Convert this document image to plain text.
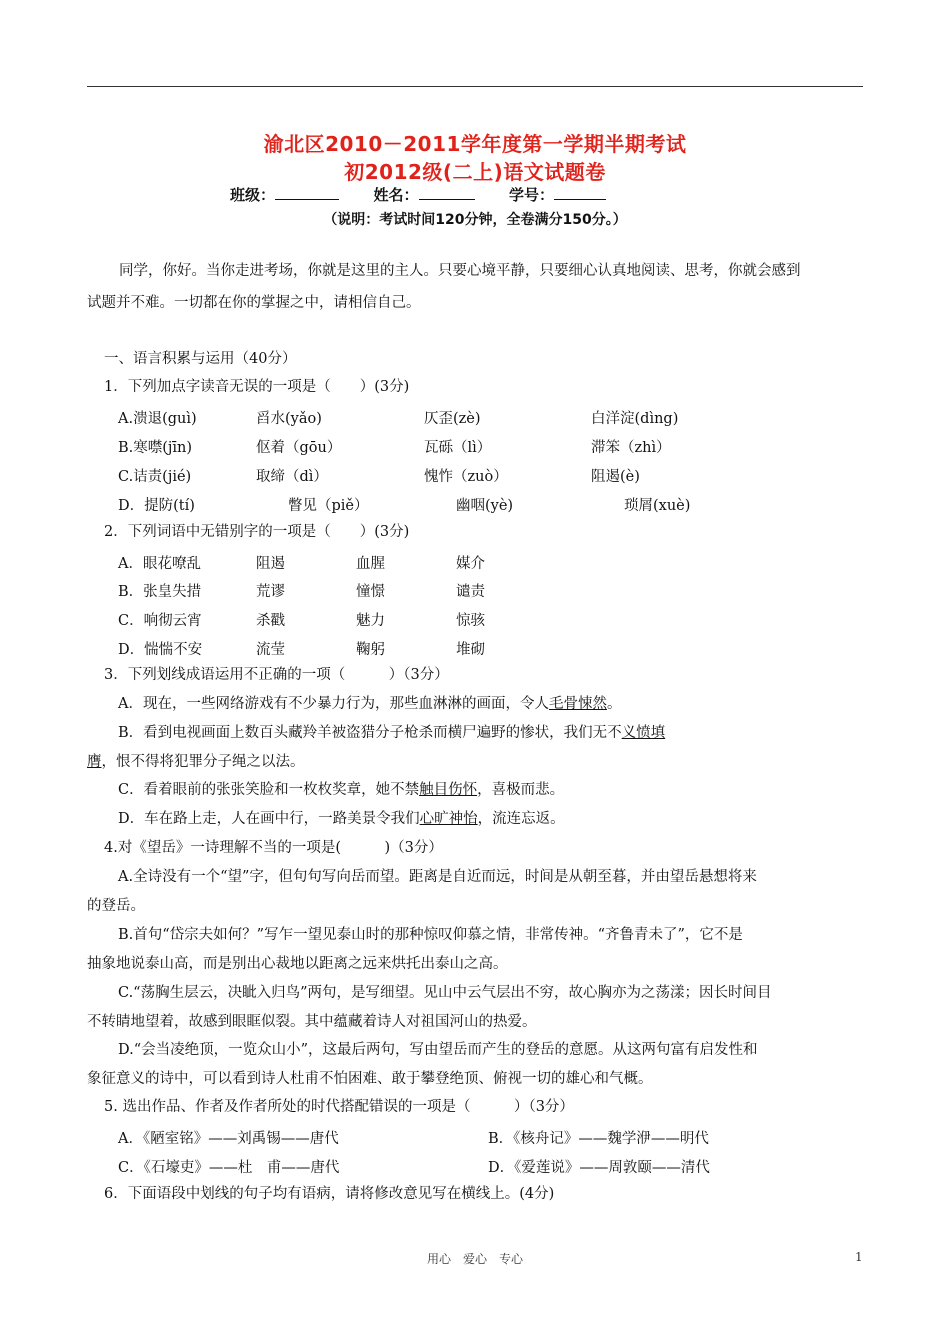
渝北区2010－2011学年度第一学期半期考试
初2012级(二上)语文试题卷
班级：	姓名：	学号：
（说明：考试时间120分钟，全卷满分150分。）
同学，你好。当你走进考场，你就是这里的主人。只要心境平静，只要细心认真地阅读、思考，你就会感到
试题并不难。一切都在你的掌握之中，请相信自己。
一、语言积累与运用（40分）
1．下列加点字读音无误的一项是（　　）(3分)
A.溃退(guì)	舀水(yǎo)	仄歪(zè)	白洋淀(dìng)
B.寒噤(jīn)	伛着（gōu）	瓦砾（lì）	滞笨（zhì）
C.诘责(jié)	取缔（dì）	愧怍（zuò）	阻遏(è)
D．提防(tí)	瞥见（piě）	幽咽(yè)	琐屑(xuè)
2．下列词语中无错别字的一项是（　　）(3分)
A．眼花嘹乱	阻遏	血腥	媒介
B．张皇失措	荒谬	憧憬	谴责
C．响彻云宵	杀戳	魅力	惊骇
D．惴惴不安	流莹	鞠躬	堆砌
3．下列划线成语运用不正确的一项（　　　）（3分）
A．现在，一些网络游戏有不少暴力行为，那些血淋淋的画面，令人毛骨悚然。
B．看到电视画面上数百头藏羚羊被盗猎分子枪杀而横尸遍野的惨状，我们无不义愤填
膺，恨不得将犯罪分子绳之以法。
C．看着眼前的张张笑脸和一枚枚奖章，她不禁触目伤怀，喜极而悲。
D．车在路上走，人在画中行，一路美景令我们心旷神怡，流连忘返。
4.对《望岳》一诗理解不当的一项是(　　　)（3分）
A.全诗没有一个“望”字，但句句写向岳而望。距离是自近而远，时间是从朝至暮，并由望岳悬想将来
的登岳。
B.首句“岱宗夫如何？”写乍一望见泰山时的那种惊叹仰慕之情，非常传神。“齐鲁青未了”，它不是
抽象地说泰山高，而是别出心裁地以距离之远来烘托出泰山之高。
C.“荡胸生层云，决眦入归鸟”两句，是写细望。见山中云气层出不穷，故心胸亦为之荡漾；因长时间目
不转睛地望着，故感到眼眶似裂。其中蕴藏着诗人对祖国河山的热爱。
D.“会当凌绝顶，一览众山小”，这最后两句，写由望岳而产生的登岳的意愿。从这两句富有启发性和
象征意义的诗中，可以看到诗人杜甫不怕困难、敢于攀登绝顶、俯视一切的雄心和气概。
5. 选出作品、作者及作者所处的时代搭配错误的一项是（　　　）（3分）
A．《陋室铭》——刘禹锡——唐代	B．《核舟记》——魏学洢——明代
C．《石壕吏》——杜　甫——唐代	D．《爱莲说》——周敦颐——清代
6．下面语段中划线的句子均有语病，请将修改意见写在横线上。(4分)
用心　爱心　专心	1
